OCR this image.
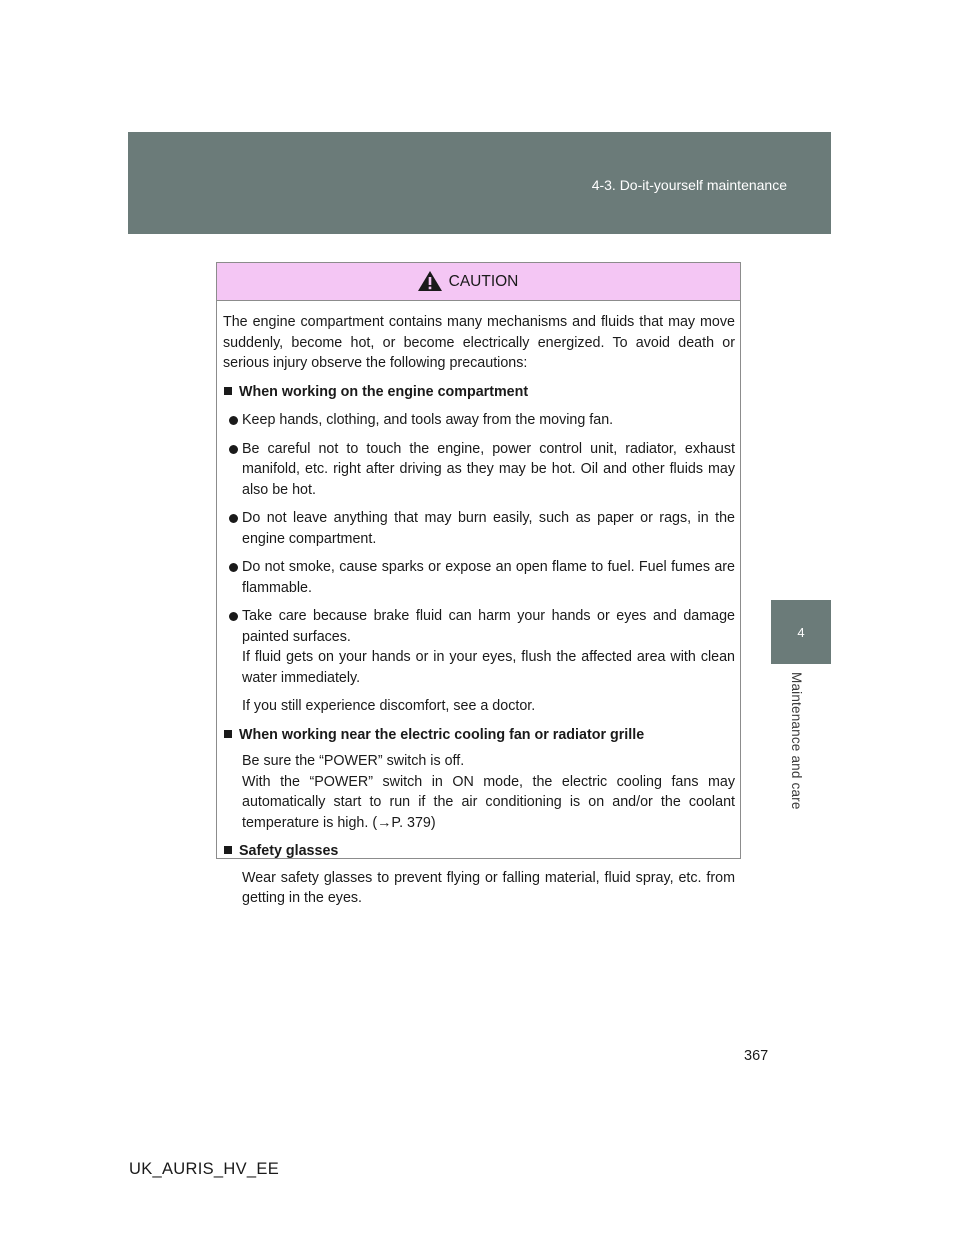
4-3. Do-it-yourself maintenance
4
Maintenance and care
CAUTION

The engine compartment contains many mechanisms and fluids that may move suddenly, become hot, or become electrically energized. To avoid death or serious injury observe the following precautions:

When working on the engine compartment

Keep hands, clothing, and tools away from the moving fan.

Be careful not to touch the engine, power control unit, radiator, exhaust manifold, etc. right after driving as they may be hot. Oil and other fluids may also be hot.

Do not leave anything that may burn easily, such as paper or rags, in the engine compartment.

Do not smoke, cause sparks or expose an open flame to fuel. Fuel fumes are flammable.

Take care because brake fluid can harm your hands or eyes and damage painted surfaces.

If fluid gets on your hands or in your eyes, flush the affected area with clean water immediately.

If you still experience discomfort, see a doctor.

When working near the electric cooling fan or radiator grille

Be sure the “POWER” switch is off.

With the “POWER” switch in ON mode, the electric cooling fans may automatically start to run if the air conditioning is on and/or the coolant temperature is high. (→P. 379)

Safety glasses

Wear safety glasses to prevent flying or falling material, fluid spray, etc. from getting in the eyes.

367
UK_AURIS_HV_EE
